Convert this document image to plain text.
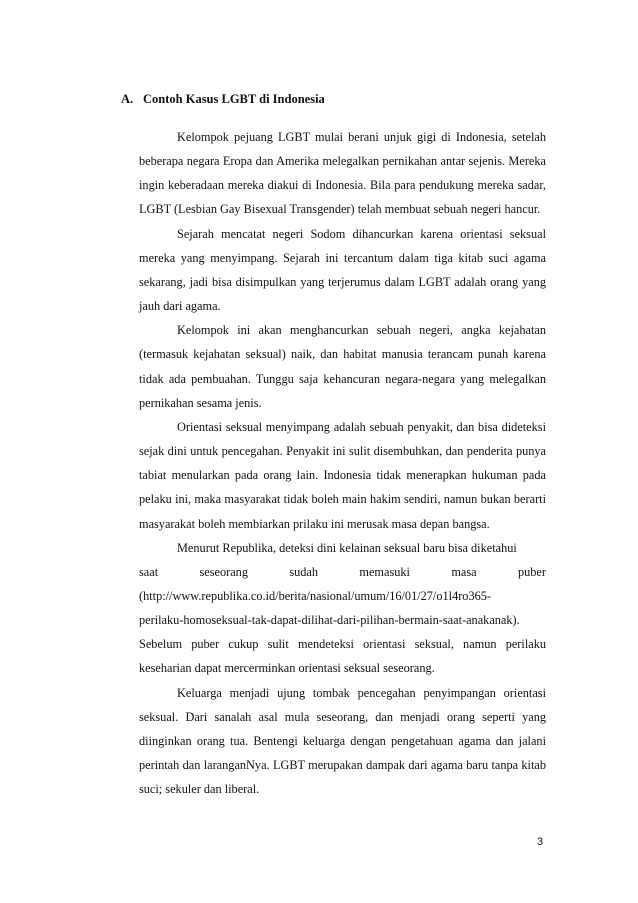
A. Contoh Kasus LGBT di Indonesia

Kelompok pejuang LGBT mulai berani unjuk gigi di Indonesia, setelah beberapa negara Eropa dan Amerika melegalkan pernikahan antar sejenis. Mereka ingin keberadaan mereka diakui di Indonesia. Bila para pendukung mereka sadar, LGBT (Lesbian Gay Bisexual Transgender) telah membuat sebuah negeri hancur.

Sejarah mencatat negeri Sodom dihancurkan karena orientasi seksual mereka yang menyimpang. Sejarah ini tercantum dalam tiga kitab suci agama sekarang, jadi bisa disimpulkan yang terjerumus dalam LGBT adalah orang yang jauh dari agama.

Kelompok ini akan menghancurkan sebuah negeri, angka kejahatan (termasuk kejahatan seksual) naik, dan habitat manusia terancam punah karena tidak ada pembuahan. Tunggu saja kehancuran negara-negara yang melegalkan pernikahan sesama jenis.

Orientasi seksual menyimpang adalah sebuah penyakit, dan bisa dideteksi sejak dini untuk pencegahan. Penyakit ini sulit disembuhkan, dan penderita punya tabiat menularkan pada orang lain. Indonesia tidak menerapkan hukuman pada pelaku ini, maka masyarakat tidak boleh main hakim sendiri, namun bukan berarti masyarakat boleh membiarkan prilaku ini merusak masa depan bangsa.

Menurut Republika, deteksi dini kelainan seksual baru bisa diketahui
saat	seseorang	sudah	memasuki	masa	puber
(http://www.republika.co.id/berita/nasional/umum/16/01/27/o1l4ro365-
perilaku-homoseksual-tak-dapat-dilihat-dari-pilihan-bermain-saat-anakanak).
Sebelum puber cukup sulit mendeteksi orientasi seksual, namun perilaku keseharian dapat mercerminkan orientasi seksual seseorang.

Keluarga menjadi ujung tombak pencegahan penyimpangan orientasi seksual. Dari sanalah asal mula seseorang, dan menjadi orang seperti yang diinginkan orang tua. Bentengi keluarga dengan pengetahuan agama dan jalani perintah dan laranganNya. LGBT merupakan dampak dari agama baru tanpa kitab suci; sekuler dan liberal.

3
